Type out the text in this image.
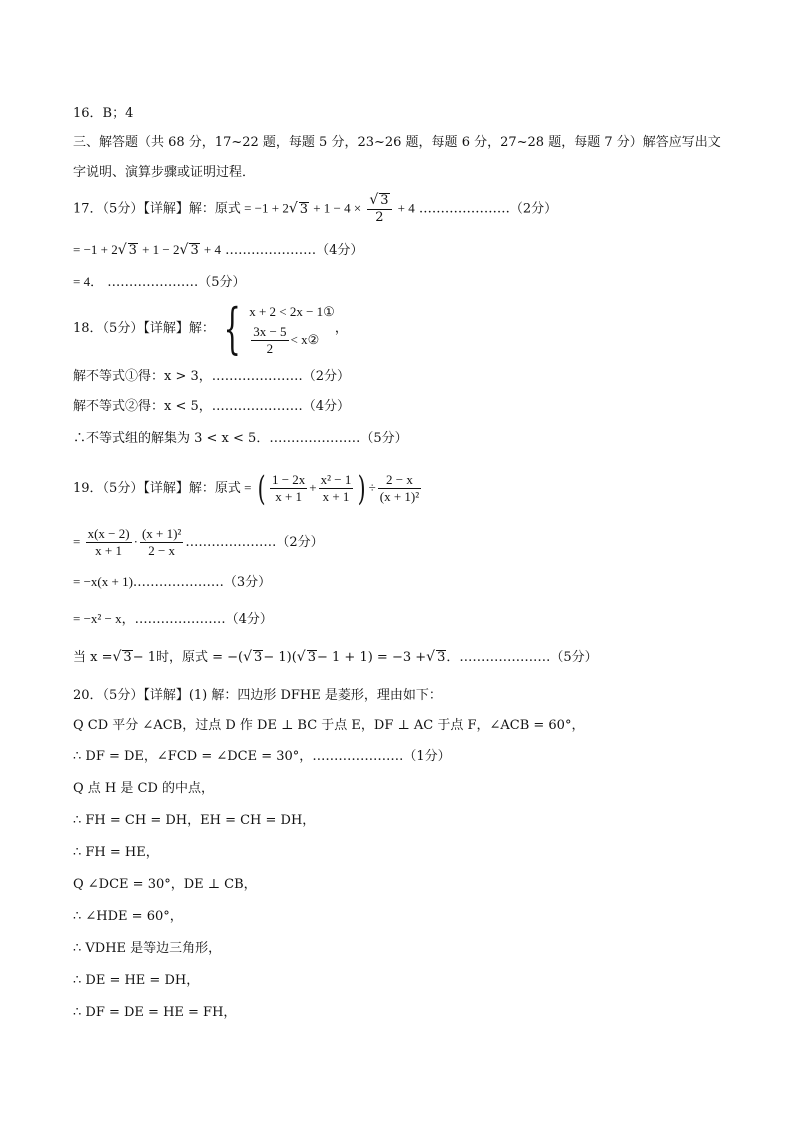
16．B；4
三、解答题（共 68 分，17~22 题，每题 5 分，23~26 题，每题 6 分，27~28 题，每题 7 分）解答应写出文字说明、演算步骤或证明过程．
17．（5分）【详解】解：原式 = −1 + 2√ $3 + 1 - 4 \times \frac{√ 3}{2} + 4$ …………………（2分）
= −1 + 2√ 3 + 1 − 2√ 3 + 4 …………………（4分）
= 4． …………………（5分）
18．（5分）【详解】解： { x + 2 < 2x − 1①
$\frac{3x - 5}{2}$ < x②
，
解不等式①得：x > 3，…………………（2分）
解不等式②得：x < 5，…………………（4分）
∴不等式组的解集为 3 < x < 5．…………………（5分）
19．（5分）【详解】解：原式 = ( $\frac{1 - 2x}{x + 1} + \frac{\text{x² − 1}}{x + 1}$ ) ÷ $\frac{2 - x}{\text{(x + 1)²}}$
= $\frac{x(x - 2)}{x + 1} \cdot \frac{\text{(x + 1)²}}{2 - x}$ …………………（2分）
= −x(x + 1)…………………（3分）
= −x² − x，…………………（4分）
当 x =√ 3− 1时，原式 = −(√ 3− 1)(√ 3− 1 + 1) = −3 +√ 3．…………………（5分）
20．（5分）【详解】(1) 解：四边形 DFHE 是菱形，理由如下：
Q CD 平分 ∠ACB，过点 D 作 DE ⊥ BC 于点 E，DF ⊥ AC 于点 F，∠ACB = 60°，
∴ DF = DE，∠FCD = ∠DCE = 30°，…………………（1分）
Q 点 H 是 CD 的中点，
∴ FH = CH = DH，EH = CH = DH，
∴ FH = HE，
Q ∠DCE = 30°，DE ⊥ CB，
∴ ∠HDE = 60°，
∴ VDHE 是等边三角形，
∴ DE = HE = DH，
∴ DF = DE = HE = FH，
